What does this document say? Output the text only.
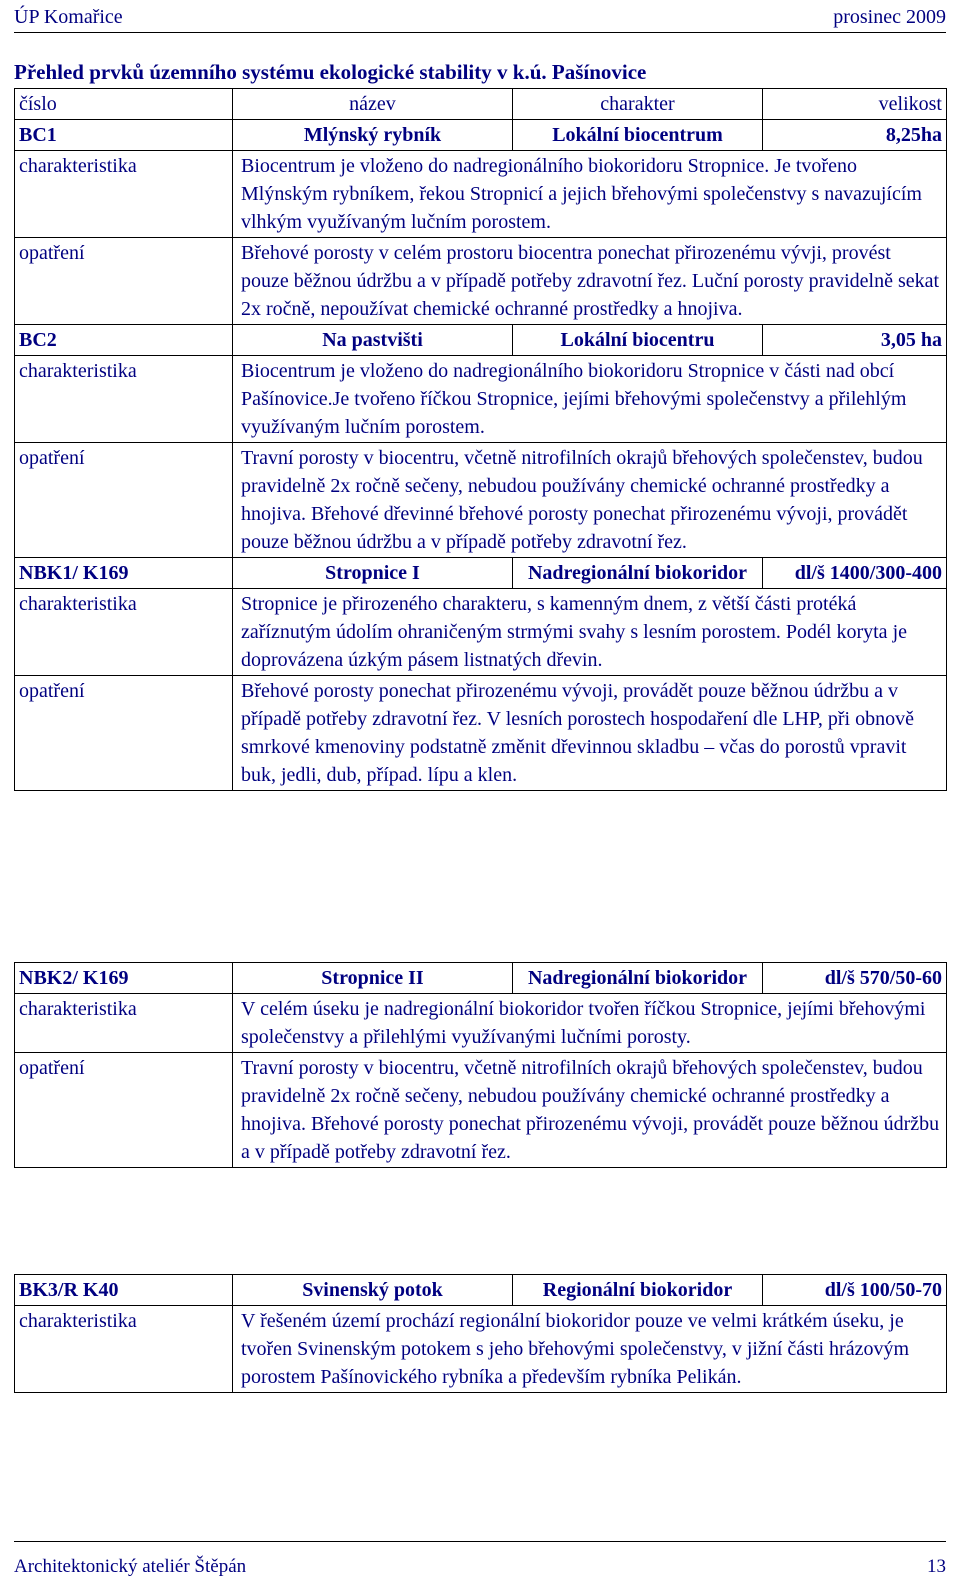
ÚP Komařice	prosinec 2009
Přehled prvků územního systému ekologické stability v k.ú. Pašínovice
číslo	název	charakter	velikost
BC1	Mlýnský rybník	Lokální biocentrum	8,25ha
charakteristika	Biocentrum je vloženo do nadregionálního biokoridoru Stropnice. Je tvořeno Mlýnským rybníkem, řekou Stropnicí a jejich břehovými společenstvy s navazujícím vlhkým využívaným lučním porostem.		
opatření	Břehové porosty v celém prostoru biocentra ponechat přirozenému vývji, provést pouze běžnou údržbu a v případě potřeby zdravotní řez. Luční porosty pravidelně sekat 2x ročně, nepoužívat chemické ochranné prostředky a hnojiva.		
BC2	Na pastvišti	Lokální biocentru	3,05 ha
charakteristika	Biocentrum je vloženo do nadregionálního biokoridoru Stropnice v části nad obcí Pašínovice.Je tvořeno říčkou Stropnice, jejími břehovými společenstvy a přilehlým využívaným lučním porostem.		
opatření	Travní porosty v biocentru, včetně nitrofilních okrajů břehových společenstev, budou pravidelně 2x ročně sečeny, nebudou používány chemické ochranné prostředky a hnojiva. Břehové dřevinné břehové porosty ponechat přirozenému vývoji, provádět pouze běžnou údržbu a v případě potřeby zdravotní řez.		
NBK1/ K169	Stropnice I	Nadregionální biokoridor	dl/š 1400/300-400
charakteristika	Stropnice je přirozeného charakteru, s kamenným dnem, z větší části protéká zaříznutým údolím ohraničeným strmými svahy s lesním porostem. Podél koryta je doprovázena úzkým pásem listnatých dřevin.		
opatření	Břehové porosty ponechat přirozenému vývoji, provádět pouze běžnou údržbu a v případě potřeby zdravotní řez. V lesních porostech hospodaření dle LHP, při obnově smrkové kmenoviny podstatně změnit dřevinnou skladbu – včas do porostů vpravit buk, jedli, dub, případ. lípu a klen.		
NBK2/ K169	Stropnice II	Nadregionální biokoridor	dl/š 570/50-60
charakteristika	V celém úseku je nadregionální biokoridor tvořen říčkou Stropnice, jejími břehovými společenstvy a přilehlými využívanými lučními porosty.		
opatření	Travní porosty v biocentru, včetně nitrofilních okrajů břehových společenstev, budou pravidelně 2x ročně sečeny, nebudou používány chemické ochranné prostředky a hnojiva. Břehové porosty ponechat přirozenému vývoji, provádět pouze běžnou údržbu a v případě potřeby zdravotní řez.		
BK3/R K40	Svinenský potok	Regionální biokoridor	dl/š 100/50-70
charakteristika	V řešeném území prochází regionální biokoridor pouze ve velmi krátkém úseku, je tvořen Svinenským potokem s jeho břehovými společenstvy, v jižní části hrázovým porostem Pašínovického rybníka a především rybníka Pelikán.		
Architektonický ateliér Štěpán	13
